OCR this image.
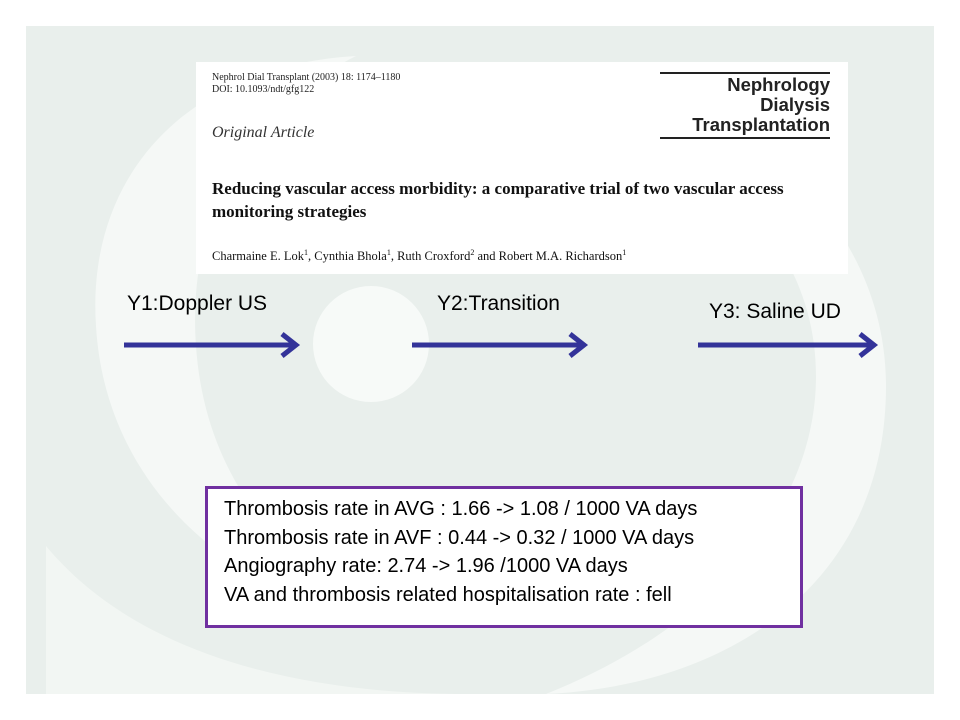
Nephrol Dial Transplant (2003) 18: 1174–1180
DOI: 10.1093/ndt/gfg122
Original Article
Reducing vascular access morbidity: a comparative trial of two vascular access monitoring strategies
Charmaine E. Lok$^1$, Cynthia Bhola$^1$, Ruth Croxford$^2$ and Robert M.A. Richardson$^1$
Nephrology
Dialysis
Transplantation
Y1:Doppler US	Y2:Transition	Y3: Saline UD
Thrombosis rate in AVG : 1.66 -> 1.08 / 1000 VA days
Thrombosis rate in AVF : 0.44 -> 0.32 / 1000 VA days
Angiography rate: 2.74 -> 1.96 /1000 VA days
VA and thrombosis related hospitalisation rate : fell
